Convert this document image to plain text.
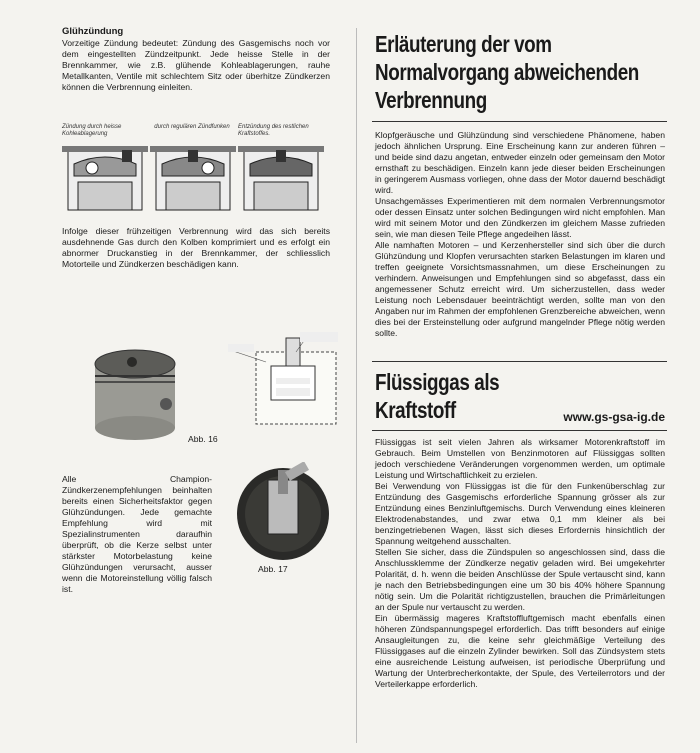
Glühzündung

Vorzeitige Zündung bedeutet: Zündung des Gasgemischs noch vor dem eingestellten Zündzeitpunkt. Jede heisse Stelle in der Brennkammer, wie z.B. glühende Kohleablagerungen, rauhe Metallkanten, Ventile mit schlechtem Sitz oder überhitze Zündkerzen können die Verbrennung einleiten.

Zündung durch heisse Kohleablagerung
durch regulären Zündfunken	Entzündung des restlichen Kraftstoffes.

Infolge dieser frühzeitigen Verbrennung wird das sich bereits ausdehnende Gas durch den Kolben komprimiert und es erfolgt ein abnormer Druckanstieg in der Brennkammer, der schliesslich Motorteile und Zündkerzen beschädigen kann.

Abb. 16

Alle Champion-Zündkerzenempfehlungen beinhalten bereits einen Sicherheitsfaktor gegen Glühzündungen. Jede gemachte Empfehlung wird mit Spezialinstrumenten daraufhin überprüft, ob die Kerze selbst unter stärkster Motorbelastung keine Glühzündungen verursacht, ausser wenn die Motoreinstellung völlig falsch ist.

Abb. 17
Erläuterung der vom
Normalvorgang abweichenden
Verbrennung

Klopfgeräusche und Glühzündung sind verschiedene Phänomene, haben jedoch ähnlichen Ursprung. Eine Erscheinung kann zur anderen führen – und beide sind dazu angetan, entweder einzeln oder gemeinsam den Motor ernsthaft zu beschädigen. Einzeln kann jede dieser beiden Erscheinungen in geringerem Ausmass vorliegen, ohne dass der Motor dauernd beschädigt wird.

Unsachgemässes Experimentieren mit dem normalen Verbrennungsmotor oder dessen Einsatz unter solchen Bedingungen wird nicht empfohlen. Man wird mit seinem Motor und den Zündkerzen im gleichem Masse zufrieden sein, wie man diesen Teile Pflege angedeihen lässt.

Alle namhaften Motoren – und Kerzenhersteller sind sich über die durch Glühzündung und Klopfen verursachten starken Belastungen im klaren und treffen geeignete Vorsichtsmassnahmen, um diese Erscheinungen zu verhindern. Anweisungen und Empfehlungen sind so abgefasst, dass ein angemessener Schutz erreicht wird. Um sicherzustellen, dass weder Leistung noch Lebensdauer beeinträchtigt werden, sollte man von den Angaben nur im Rahmen der empfohlenen Grenzbereiche abweichen, wenn dies bei der Ersteinstellung oder aufgrund mangelnder Pflege nötig werden sollte.

Flüssiggas als
Kraftstoff	www.gs-gsa-ig.de

Flüssiggas ist seit vielen Jahren als wirksamer Motorenkraftstoff im Gebrauch. Beim Umstellen von Benzinmotoren auf Flüssiggas sollten jedoch verschiedene Veränderungen vorgenommen werden, um optimale Leistung und Wirtschaftlichkeit zu erzielen.

Bei Verwendung von Flüssiggas ist die für den Funkenüberschlag zur Entzündung des Gasgemischs erforderliche Spannung grösser als zur Entzündung eines Benzinluftgemischs. Durch Verwendung eines kleineren Elektrodenabstandes, und zwar etwa 0,1 mm kleiner als bei benzingetriebenen Wagen, lässt sich dieses Erfordernis hinsichtlich der Spannung weitgehend ausschalten.

Stellen Sie sicher, dass die Zündspulen so angeschlossen sind, dass die Anschlussklemme der Zündkerze negativ geladen wird. Bei umgekehrter Polarität, d. h. wenn die beiden Anschlüsse der Spule vertauscht sind, kann je nach den Betriebsbedingungen eine um 30 bis 40% höhere Spannung nötig sein. Um die Polarität richtigzustellen, brauchen die Primärleitungen an der Spule nur vertauscht zu werden.

Ein übermässig mageres Kraftstoffluftgemisch macht ebenfalls einen höheren Zündspannungspegel erforderlich. Das trifft besonders auf einige Ansaugleitungen zu, die keine sehr gleichmäßige Verteilung des Flüssiggases auf die einzeln Zylinder bewirken. Soll das Zündsystem stets eine ausreichende Leistung aufweisen, ist periodische Überprüfung und Wartung der Unterbrecherkontakte, der Spule, des Verteilerrotors und der Verteilerkappe erforderlich.
